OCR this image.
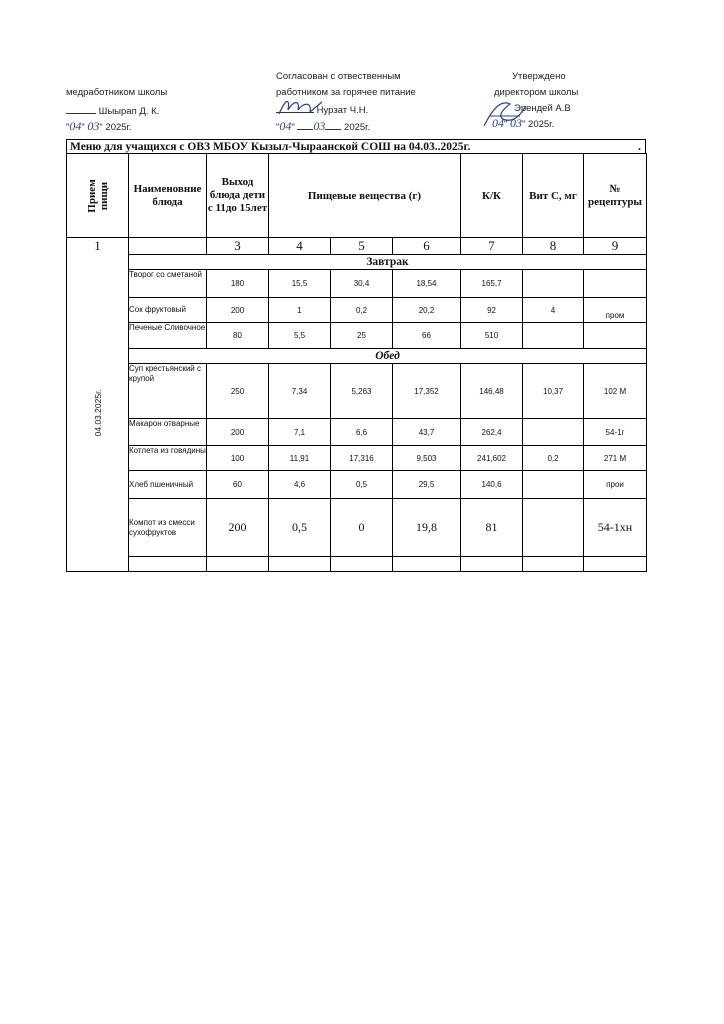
медработником школы
Шыырап Д. К.
"04" 03" 2025г.
Согласован с отвественным
работником за горячее питание
Нурзат Ч.Н.
"04" 03 2025г.
Утверждено
директором школы
Эрендей А.В
04" 03" 2025г.
Меню для учащихся с ОВЗ МБОУ Кызыл-Чыраанской СОШ на 04.03..2025г.	.
Прием пищи	Наименовние блюда	Выход блюда дети с 11до 15лет	Пищевые вещества (г)			К/К	Вит С, мг	№ рецептуры
1		3	4	5	6	7	8	9

04.03.2025г.	Завтрак							
	Творог со сметаной	180	15,5	30,4	18,54	165,7		
	Сок фруктовый	200	1	0,2	20,2	92	4	пром
	Печеные Сливочное	80	5,5	25	66	510		
	Обед							
	Суп крестьянский с крупой	250	7,34	5,263	17,352	146,48	10,37	102 М
	Макарон отварные	200	7,1	6,6	43,7	262,4		54-1г
	Котлета из говядины	100	11,91	17,316	9,503	241,602	0,2	271 М
	Хлеб пшеничный	60	4,6	0,5	29,5	140,6		прои
	Компот из смесси сухофруктов	200	0,5	0	19,8	81		54-1хн
